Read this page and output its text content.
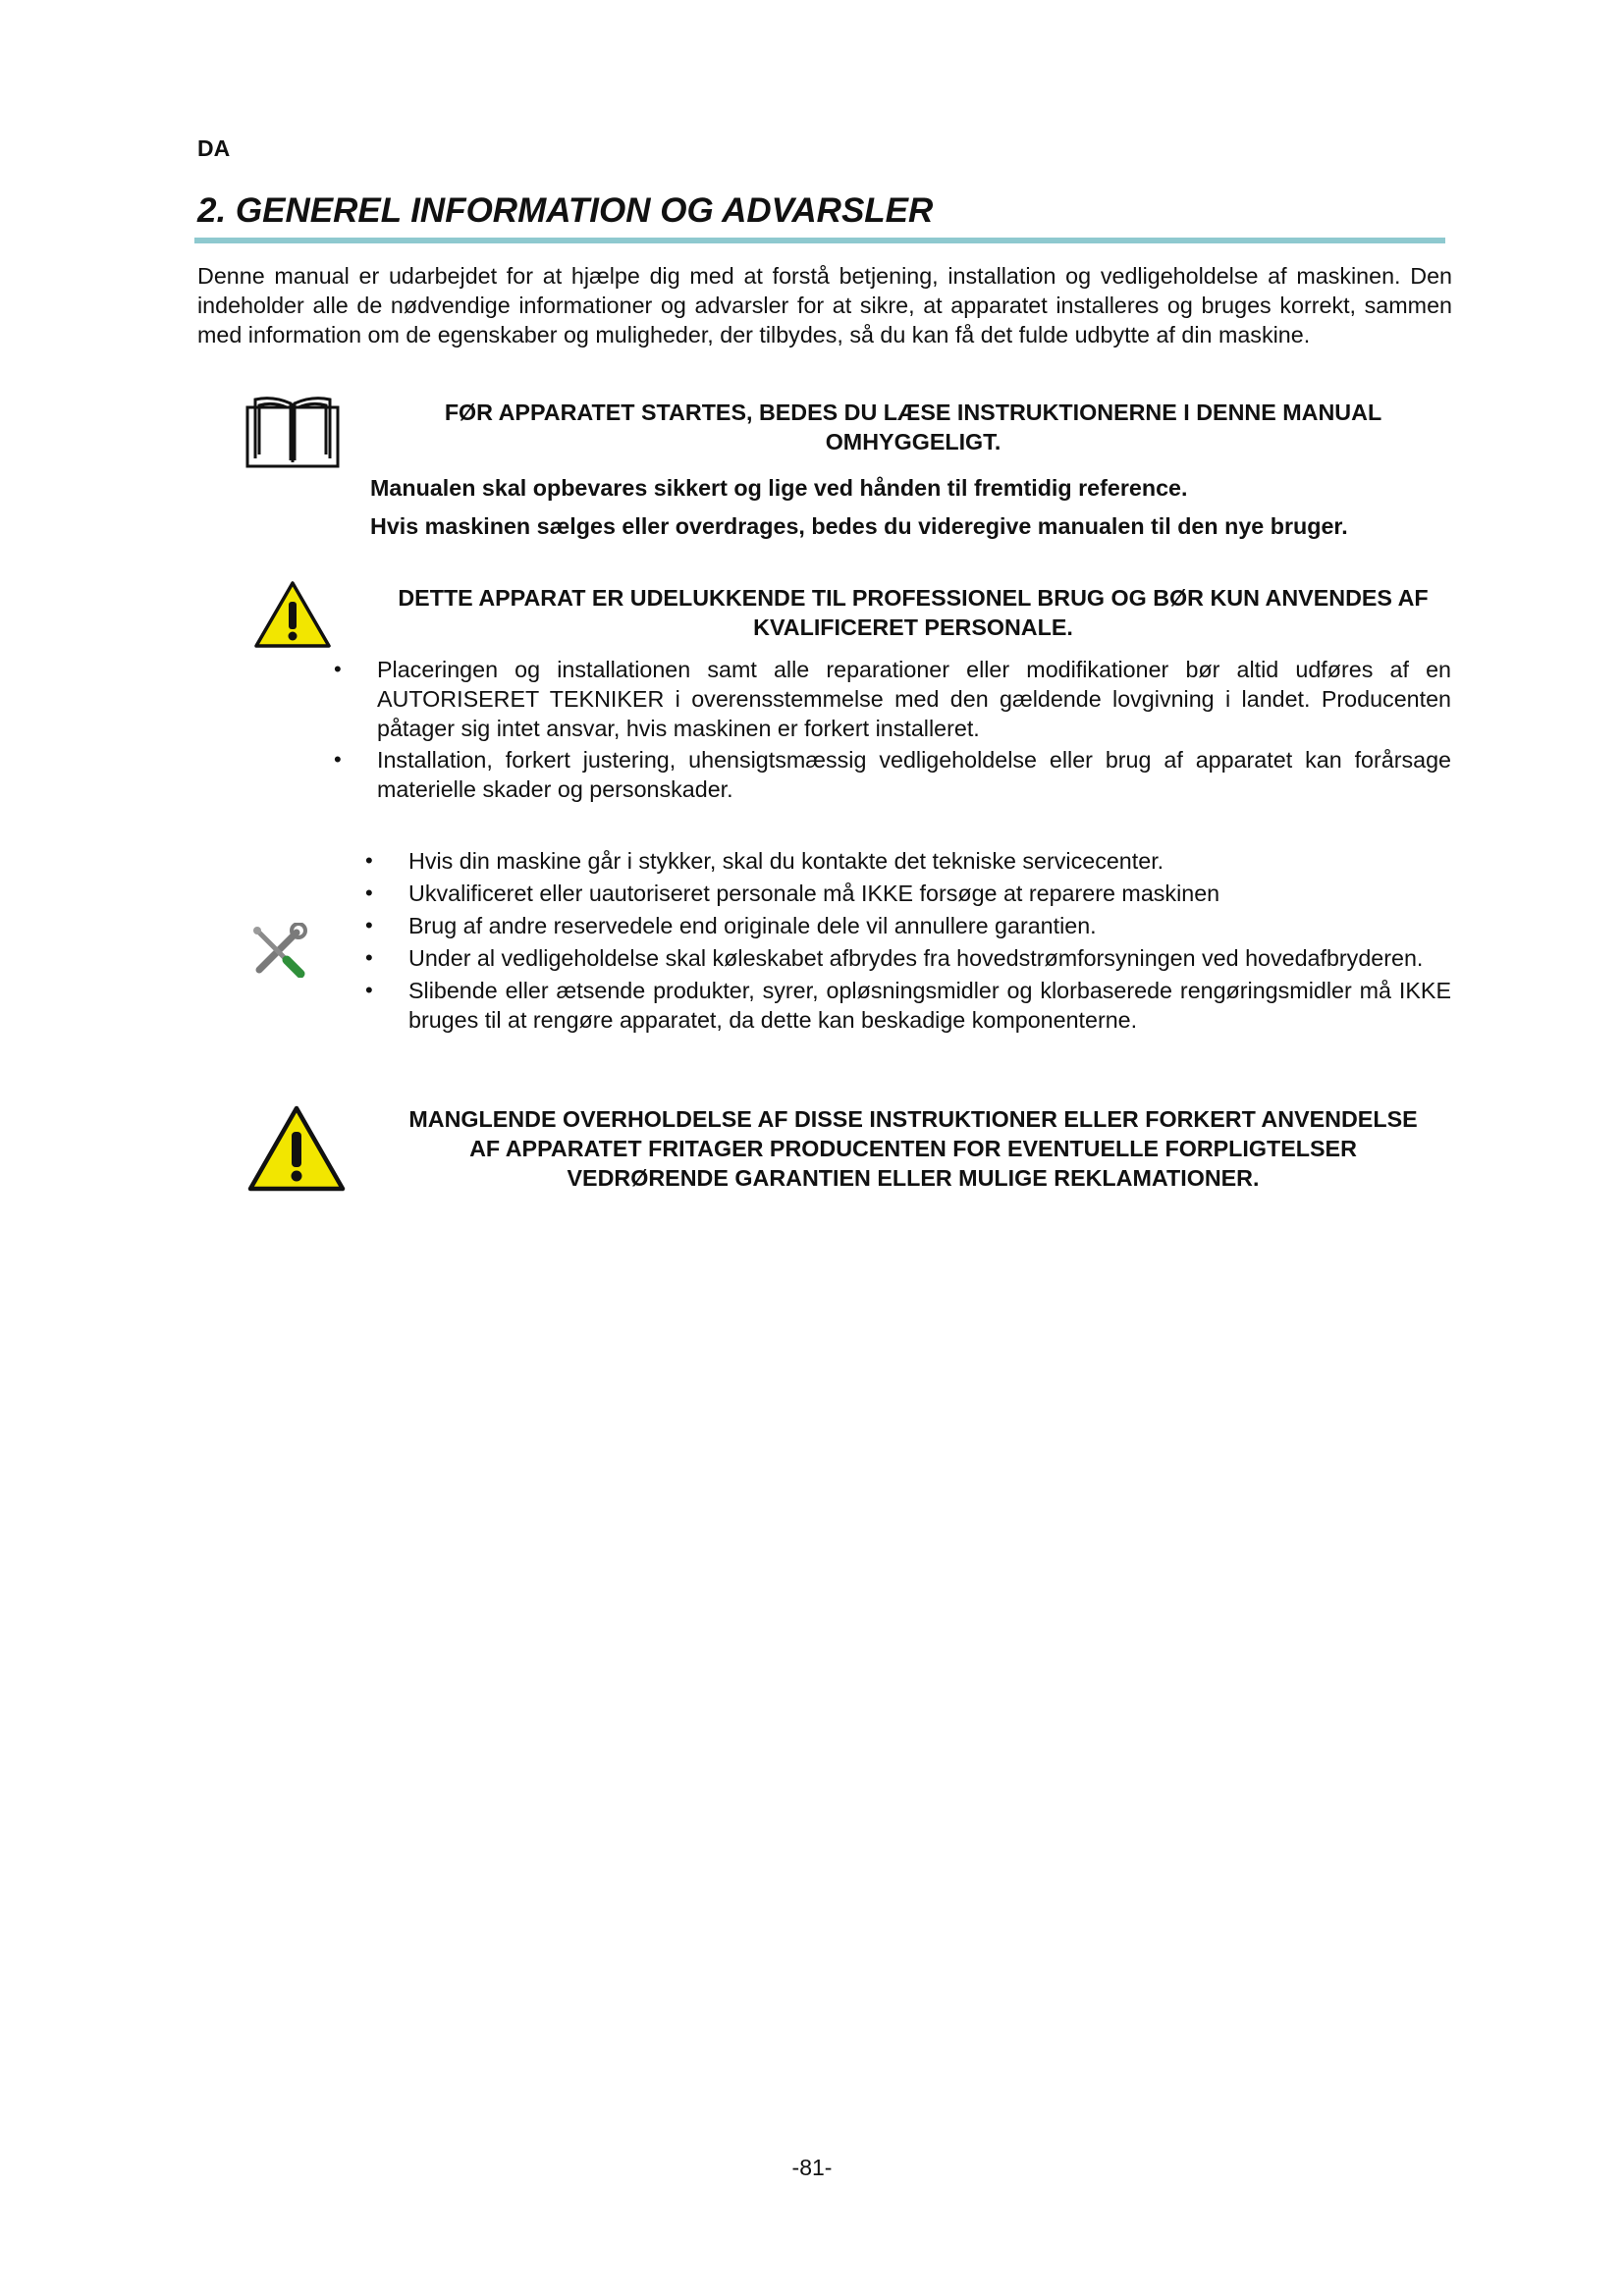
DA
2. GENEREL INFORMATION OG ADVARSLER

Denne manual er udarbejdet for at hjælpe dig med at forstå betjening, installation og vedligeholdelse af maskinen. Den indeholder alle de nødvendige informationer og advarsler for at sikre, at apparatet installeres og bruges korrekt, sammen med information om de egenskaber og muligheder, der tilbydes, så du kan få det fulde udbytte af din maskine.

FØR APPARATET STARTES, BEDES DU LÆSE INSTRUKTIONERNE I DENNE MANUAL OMHYGGELIGT.
Manualen skal opbevares sikkert og lige ved hånden til fremtidig reference.
Hvis maskinen sælges eller overdrages, bedes du videregive manualen til den nye bruger.
DETTE APPARAT ER UDELUKKENDE TIL PROFESSIONEL BRUG OG BØR KUN ANVENDES AF KVALIFICERET PERSONALE.
• Placeringen og installationen samt alle reparationer eller modifikationer bør altid udføres af en AUTORISERET TEKNIKER i overensstemmelse med den gældende lovgivning i landet. Producenten påtager sig intet ansvar, hvis maskinen er forkert installeret.
• Installation, forkert justering, uhensigtsmæssig vedligeholdelse eller brug af apparatet kan forårsage materielle skader og personskader.
• Hvis din maskine går i stykker, skal du kontakte det tekniske servicecenter.
• Ukvalificeret eller uautoriseret personale må IKKE forsøge at reparere maskinen
• Brug af andre reservedele end originale dele vil annullere garantien.
• Under al vedligeholdelse skal køleskabet afbrydes fra hovedstrømforsyningen ved hovedafbryderen.
• Slibende eller ætsende produkter, syrer, opløsningsmidler og klorbaserede rengøringsmidler må IKKE bruges til at rengøre apparatet, da dette kan beskadige komponenterne.
MANGLENDE OVERHOLDELSE AF DISSE INSTRUKTIONER ELLER FORKERT ANVENDELSE AF APPARATET FRITAGER PRODUCENTEN FOR EVENTUELLE FORPLIGTELSER VEDRØRENDE GARANTIEN ELLER MULIGE REKLAMATIONER.
-81-
